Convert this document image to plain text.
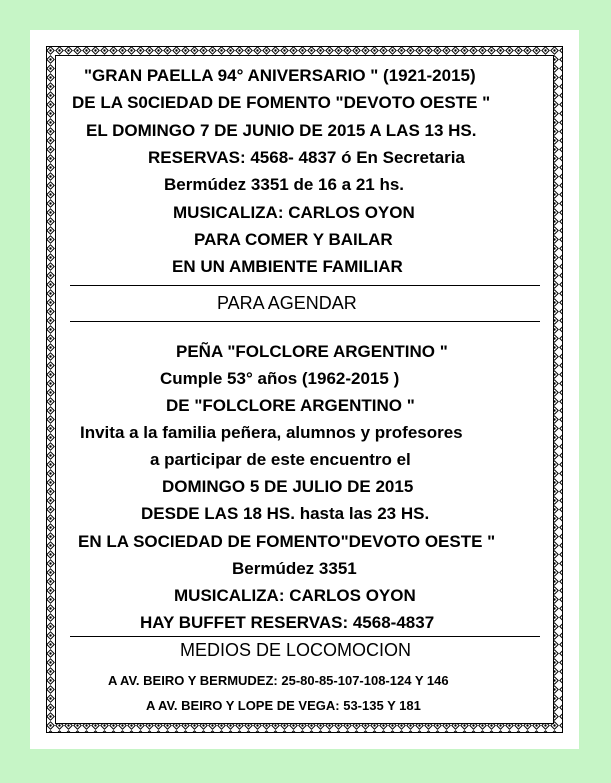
"GRAN PAELLA 94° ANIVERSARIO " (1921-2015)
DE LA S0CIEDAD DE FOMENTO "DEVOTO OESTE "
EL DOMINGO 7 DE JUNIO DE 2015 A LAS 13 HS.
RESERVAS: 4568- 4837 ó En Secretaria
Bermúdez 3351 de 16 a 21 hs.
MUSICALIZA: CARLOS OYON
PARA COMER Y BAILAR
EN UN AMBIENTE FAMILIAR
PARA AGENDAR
PEÑA "FOLCLORE ARGENTINO "
Cumple 53° años (1962-2015 )
DE "FOLCLORE ARGENTINO "
Invita a la familia peñera, alumnos y profesores
a participar de este encuentro el
DOMINGO 5 DE JULIO DE 2015
DESDE LAS 18 HS. hasta las 23 HS.
EN LA SOCIEDAD DE FOMENTO"DEVOTO OESTE "
Bermúdez 3351
MUSICALIZA: CARLOS OYON
HAY BUFFET RESERVAS: 4568-4837
MEDIOS DE LOCOMOCION
A AV. BEIRO Y BERMUDEZ: 25-80-85-107-108-124 Y 146
A AV. BEIRO Y LOPE DE VEGA: 53-135 Y 181
